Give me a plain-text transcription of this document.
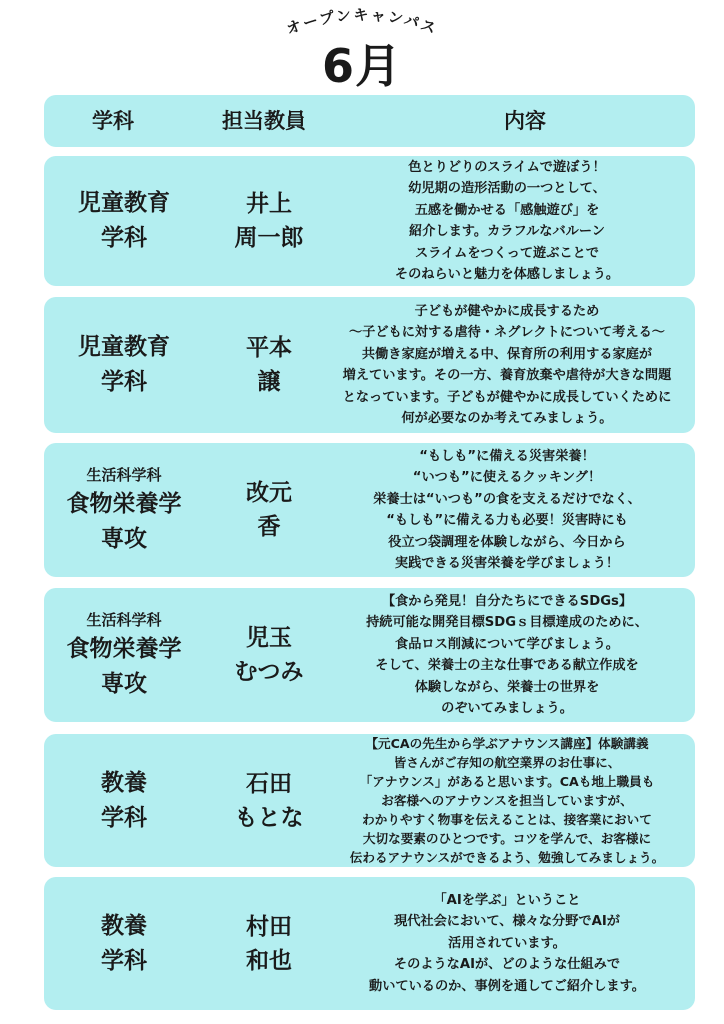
オープンキャンパス
6月
学科	担当教員	内容
児童教育
学科
井上
周一郎
色とりどりのスライムで遊ぼう！
幼児期の造形活動の一つとして、
五感を働かせる「感触遊び」を
紹介します。カラフルなバルーン
スライムをつくって遊ぶことで
そのねらいと魅力を体感しましょう。
児童教育
学科
平本
譲
子どもが健やかに成長するため
～子どもに対する虐待・ネグレクトについて考える～
共働き家庭が増える中、保育所の利用する家庭が
増えています。その一方、養育放棄や虐待が大きな問題
となっています。子どもが健やかに成長していくために
何が必要なのか考えてみましょう。
生活科学科
食物栄養学
専攻
改元
香
“もしも”に備える災害栄養！
“いつも”に使えるクッキング！
栄養士は“いつも”の食を支えるだけでなく、
“もしも”に備える力も必要！災害時にも
役立つ袋調理を体験しながら、今日から
実践できる災害栄養を学びましょう！
生活科学科
食物栄養学
専攻
児玉
むつみ
【食から発見！自分たちにできるSDGs】
持続可能な開発目標SDGｓ目標達成のために、
食品ロス削減について学びましょう。
そして、栄養士の主な仕事である献立作成を
体験しながら、栄養士の世界を
のぞいてみましょう。
教養
学科
石田
もとな
【元CAの先生から学ぶアナウンス講座】体験講義
皆さんがご存知の航空業界のお仕事に、
「アナウンス」があると思います。CAも地上職員も
お客様へのアナウンスを担当していますが、
わかりやすく物事を伝えることは、接客業において
大切な要素のひとつです。コツを学んで、お客様に
伝わるアナウンスができるよう、勉強してみましょう。
教養
学科
村田
和也
「AIを学ぶ」ということ
現代社会において、様々な分野でAIが
活用されています。
そのようなAIが、どのような仕組みで
動いているのか、事例を通してご紹介します。
